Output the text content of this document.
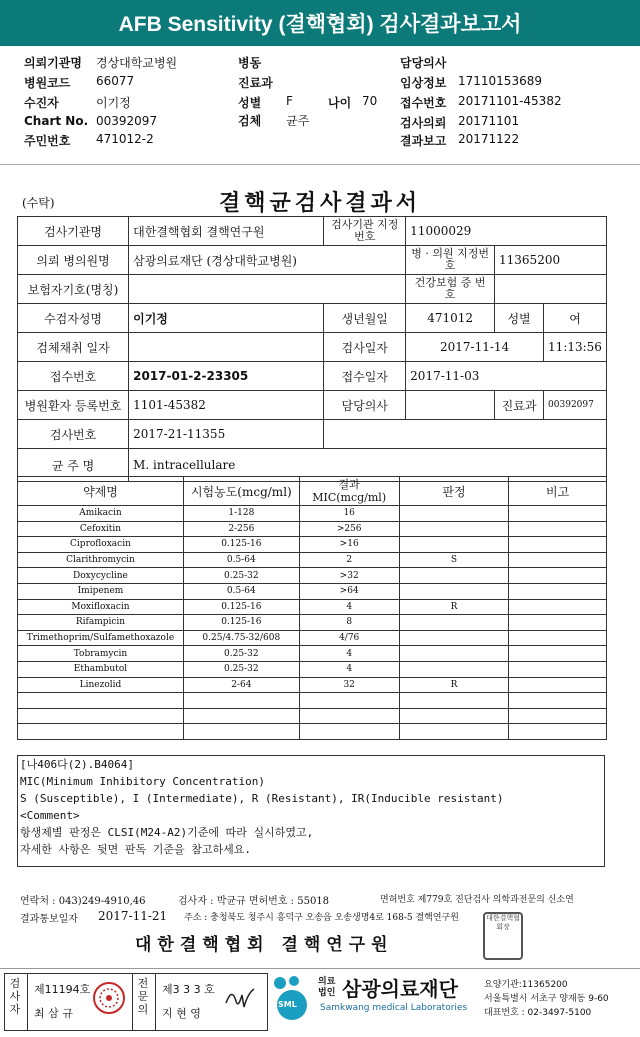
AFB Sensitivity (결핵협회) 검사결과보고서
의뢰기관명 경상대학교병원
병원코드 66077
수진자	이기정
Chart No. 00392097
주민번호 471012-2
병동
진료과
성별 F	나이 70
검체 균주
담당의사
임상정보 17110153689
접수번호 20171101-45382
검사의뢰 20171101
결과보고 20171122
(수탁)	결핵균검사결과서
검사기관명	대한결핵협회 결핵연구원	검사기관 지정번호	11000029		
의뢰 병의원명	삼광의료재단 (경상대학교병원)		병 · 의원 지정번호	11365200	
보험자기호(명칭)			건강보험 증 번 호		
수검자성명	이기정	생년월일	471012	성별	여
검체채취 일자		검사일자	2017-11-14		11:13:56
접수번호	2017-01-2-23305	접수일자	2017-11-03		
병원환자 등록번호	1101-45382	담당의사		진료과	00392097
검사번호	2017-21-11355				
균 주 명	M. intracellulare				
약제명	시험농도(mcg/ml)	결과 MIC(mcg/ml)	판정	비고
Amikacin	1-128	16		
Cefoxitin	2-256	>256		
Ciprofloxacin	0.125-16	>16		
Clarithromycin	0.5-64	2	S	
Doxycycline	0.25-32	>32		
Imipenem	0.5-64	>64		
Moxifloxacin	0.125-16	4	R	
Rifampicin	0.125-16	8		
Trimethoprim/Sulfamethoxazole	0.25/4.75-32/608	4/76		
Tobramycin	0.25-32	4		
Ethambutol	0.25-32	4		
Linezolid	2-64	32	R	

[나406다(2).B4064]
MIC(Minimum Inhibitory Concentration)
S (Susceptible), I (Intermediate), R (Resistant), IR(Inducible resistant)
<Comment>
항생제별 판정은 CLSI(M24-A2)기준에 따라 실시하였고,
자세한 사항은 뒷면 판독 기준을 참고하세요.
연락처 : 043)249-4910,46	검사자 : 박균규 면허번호 : 55018	면허번호 제779호 진단검사 의학과전문의 신소연
결과통보일자 2017-11-21 주소 : 충청북도 청주시 흥덕구 오송읍 오송생명4로 168-5 결핵연구원
대한결핵협회 결핵연구원
대한결핵협회장
검사자
제11194호
최 삼 규
전문의
제3 3 3 호
지 현 영
SML
의료법인 삼광의료재단
Samkwang medical Laboratories
요양기관:11365200
서울특별시 서초구 양재동 9-60
대표번호 : 02-3497-5100
